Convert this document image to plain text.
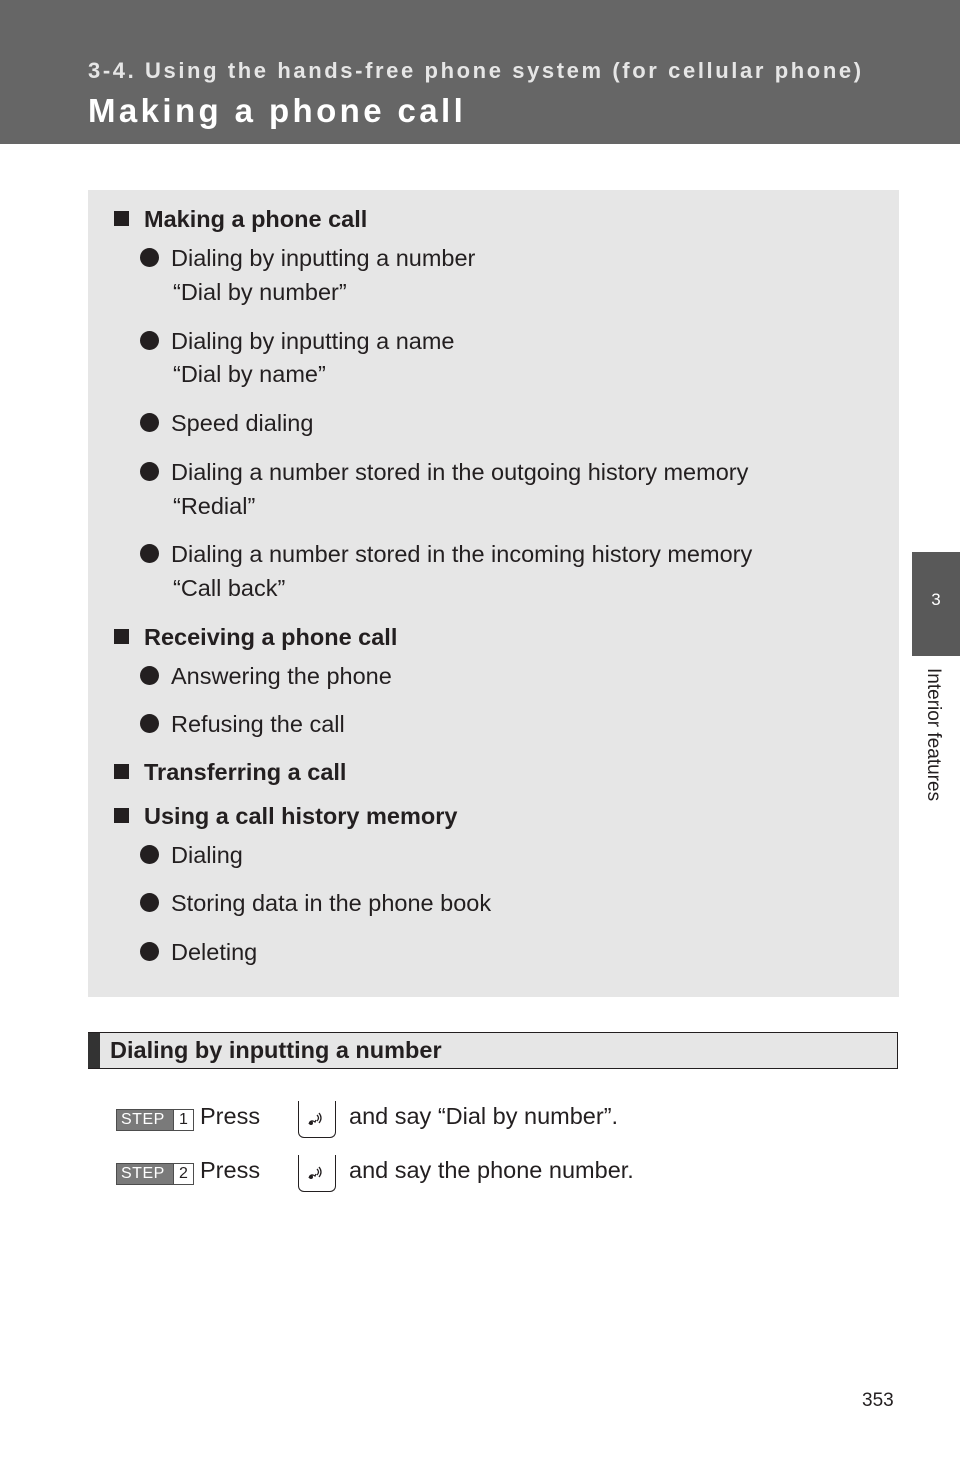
3-4. Using the hands-free phone system (for cellular phone)
Making a phone call
3
Interior features
Making a phone call
Dialing by inputting a number
“Dial by number”
Dialing by inputting a name
“Dial by name”
Speed dialing
Dialing a number stored in the outgoing history memory
“Redial”
Dialing a number stored in the incoming history memory
“Call back”
Receiving a phone call
Answering the phone
Refusing the call
Transferring a call
Using a call history memory
Dialing
Storing data in the phone book
Deleting
Dialing by inputting a number
STEP 1 Press	and say “Dial by number”.
STEP 2 Press	and say the phone number.
353
